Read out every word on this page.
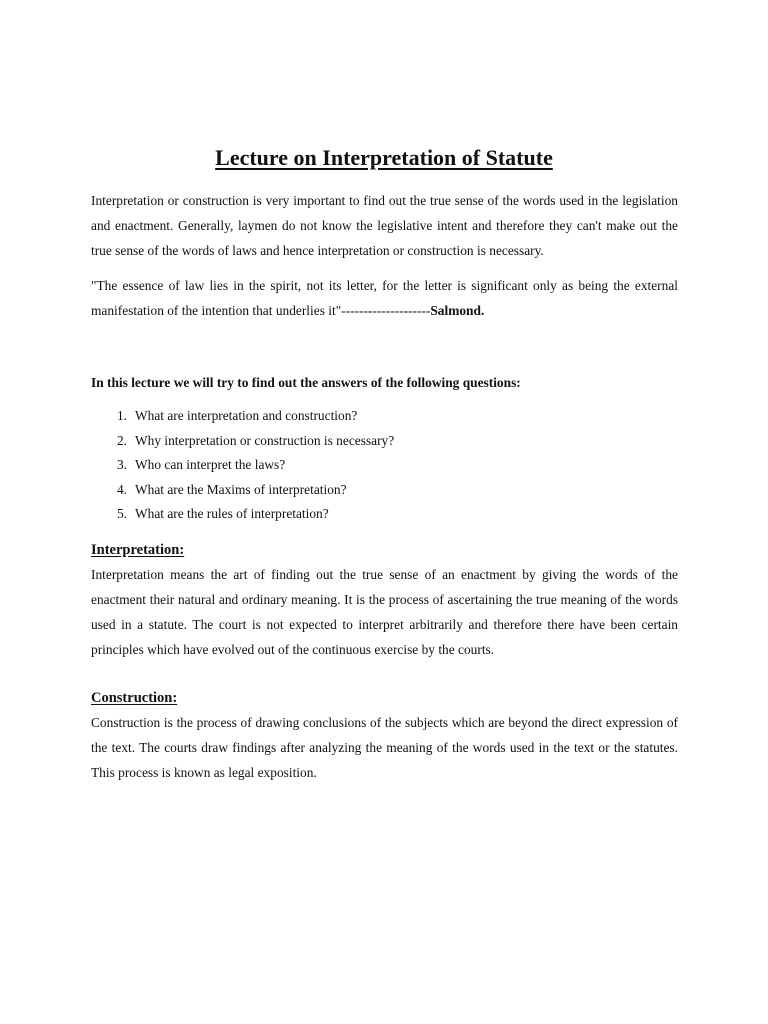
Lecture on Interpretation of Statute

Interpretation or construction is very important to find out the true sense of the words used in the legislation and enactment. Generally, laymen do not know the legislative intent and therefore they can't make out the true sense of the words of laws and hence interpretation or construction is necessary.

"The essence of law lies in the spirit, not its letter, for the letter is significant only as being the external manifestation of the intention that underlies it"--------------------Salmond.

In this lecture we will try to find out the answers of the following questions:

1. What are interpretation and construction?
2. Why interpretation or construction is necessary?
3. Who can interpret the laws?
4. What are the Maxims of interpretation?
5. What are the rules of interpretation?
Interpretation:

Interpretation means the art of finding out the true sense of an enactment by giving the words of the enactment their natural and ordinary meaning. It is the process of ascertaining the true meaning of the words used in a statute. The court is not expected to interpret arbitrarily and therefore there have been certain principles which have evolved out of the continuous exercise by the courts.

Construction:

Construction is the process of drawing conclusions of the subjects which are beyond the direct expression of the text. The courts draw findings after analyzing the meaning of the words used in the text or the statutes. This process is known as legal exposition.
